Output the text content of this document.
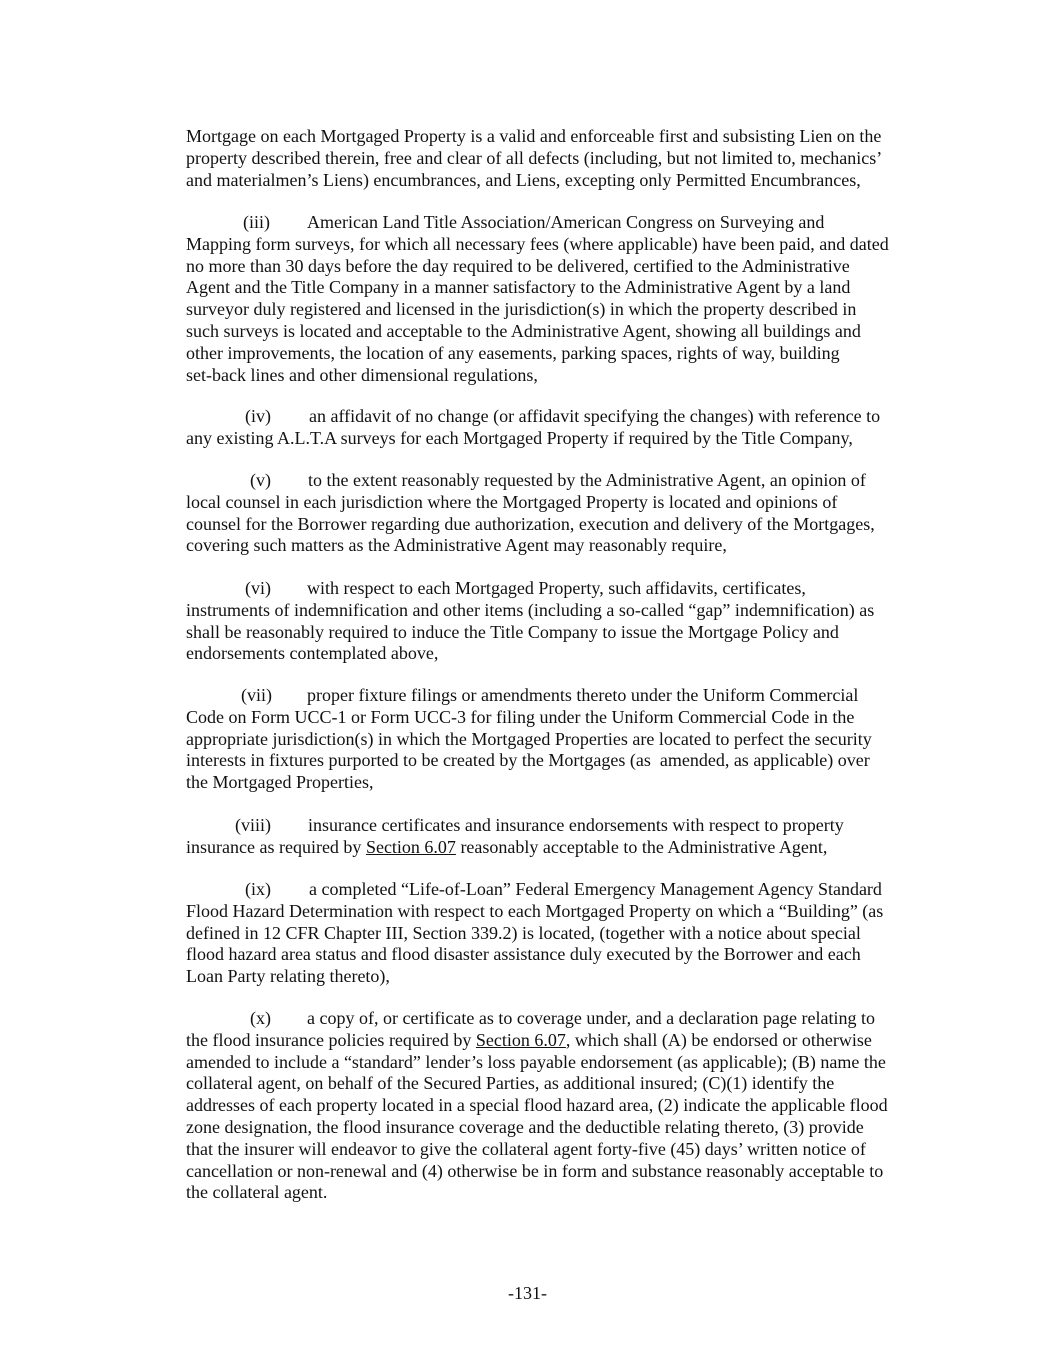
Mortgage on each Mortgaged Property is a valid and enforceable first and subsisting Lien on the
property described therein, free and clear of all defects (including, but not limited to, mechanics’
and materialmen’s Liens) encumbrances, and Liens, excepting only Permitted Encumbrances,
(iii) American Land Title Association/American Congress on Surveying and
Mapping form surveys, for which all necessary fees (where applicable) have been paid, and dated
no more than 30 days before the day required to be delivered, certified to the Administrative
Agent and the Title Company in a manner satisfactory to the Administrative Agent by a land
surveyor duly registered and licensed in the jurisdiction(s) in which the property described in
such surveys is located and acceptable to the Administrative Agent, showing all buildings and
other improvements, the location of any easements, parking spaces, rights of way, building
set-back lines and other dimensional regulations,
(iv) an affidavit of no change (or affidavit specifying the changes) with reference to
any existing A.L.T.A surveys for each Mortgaged Property if required by the Title Company,
(v) to the extent reasonably requested by the Administrative Agent, an opinion of
local counsel in each jurisdiction where the Mortgaged Property is located and opinions of
counsel for the Borrower regarding due authorization, execution and delivery of the Mortgages,
covering such matters as the Administrative Agent may reasonably require,
(vi) with respect to each Mortgaged Property, such affidavits, certificates,
instruments of indemnification and other items (including a so-called “gap” indemnification) as
shall be reasonably required to induce the Title Company to issue the Mortgage Policy and
endorsements contemplated above,
(vii) proper fixture filings or amendments thereto under the Uniform Commercial
Code on Form UCC-1 or Form UCC-3 for filing under the Uniform Commercial Code in the
appropriate jurisdiction(s) in which the Mortgaged Properties are located to perfect the security
interests in fixtures purported to be created by the Mortgages (as  amended, as applicable) over
the Mortgaged Properties,
(viii) insurance certificates and insurance endorsements with respect to property
insurance as required by Section 6.07 reasonably acceptable to the Administrative Agent,
(ix) a completed “Life-of-Loan” Federal Emergency Management Agency Standard
Flood Hazard Determination with respect to each Mortgaged Property on which a “Building” (as
defined in 12 CFR Chapter III, Section 339.2) is located, (together with a notice about special
flood hazard area status and flood disaster assistance duly executed by the Borrower and each
Loan Party relating thereto),
(x) a copy of, or certificate as to coverage under, and a declaration page relating to
the flood insurance policies required by Section 6.07, which shall (A) be endorsed or otherwise
amended to include a “standard” lender’s loss payable endorsement (as applicable); (B) name the
collateral agent, on behalf of the Secured Parties, as additional insured; (C)(1) identify the
addresses of each property located in a special flood hazard area, (2) indicate the applicable flood
zone designation, the flood insurance coverage and the deductible relating thereto, (3) provide
that the insurer will endeavor to give the collateral agent forty-five (45) days’ written notice of
cancellation or non-renewal and (4) otherwise be in form and substance reasonably acceptable to
the collateral agent.
-131-
